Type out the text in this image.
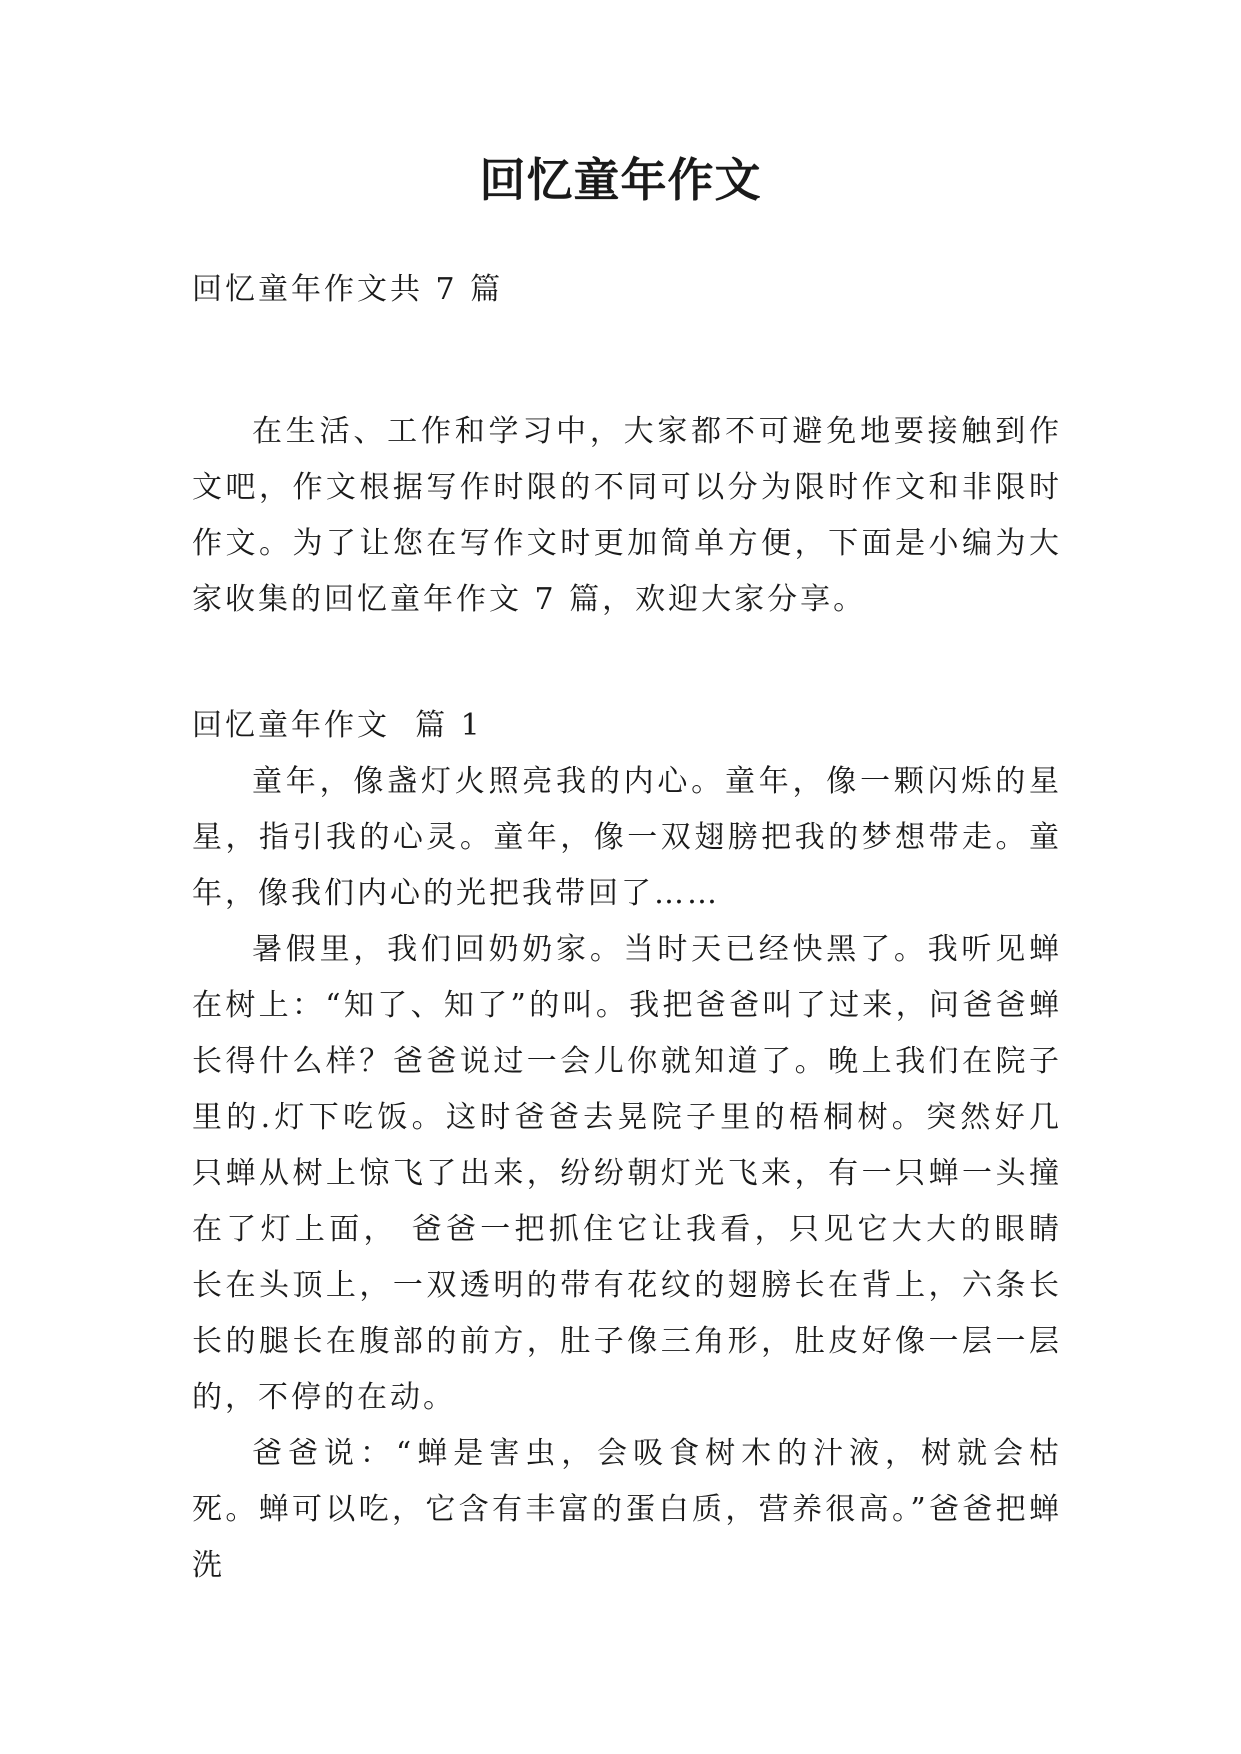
回忆童年作文
回忆童年作文共 7 篇

在生活、工作和学习中，大家都不可避免地要接触到作文吧，作文根据写作时限的不同可以分为限时作文和非限时作文。为了让您在写作文时更加简单方便，下面是小编为大家收集的回忆童年作文 7 篇，欢迎大家分享。

回忆童年作文  篇 1

童年，像盏灯火照亮我的内心。童年，像一颗闪烁的星星，指引我的心灵。童年，像一双翅膀把我的梦想带走。童年，像我们内心的光把我带回了……

暑假里，我们回奶奶家。当时天已经快黑了。我听见蝉在树上：“知了、知了”的叫。我把爸爸叫了过来，问爸爸蝉长得什么样？爸爸说过一会儿你就知道了。晚上我们在院子里的.灯下吃饭。这时爸爸去晃院子里的梧桐树。突然好几只蝉从树上惊飞了出来，纷纷朝灯光飞来，有一只蝉一头撞在了灯上面， 爸爸一把抓住它让我看，只见它大大的眼睛长在头顶上，一双透明的带有花纹的翅膀长在背上，六条长长的腿长在腹部的前方，肚子像三角形，肚皮好像一层一层的，不停的在动。

爸爸说：“蝉是害虫，会吸食树木的汁液，树就会枯死。蝉可以吃，它含有丰富的蛋白质，营养很高。”爸爸把蝉洗
